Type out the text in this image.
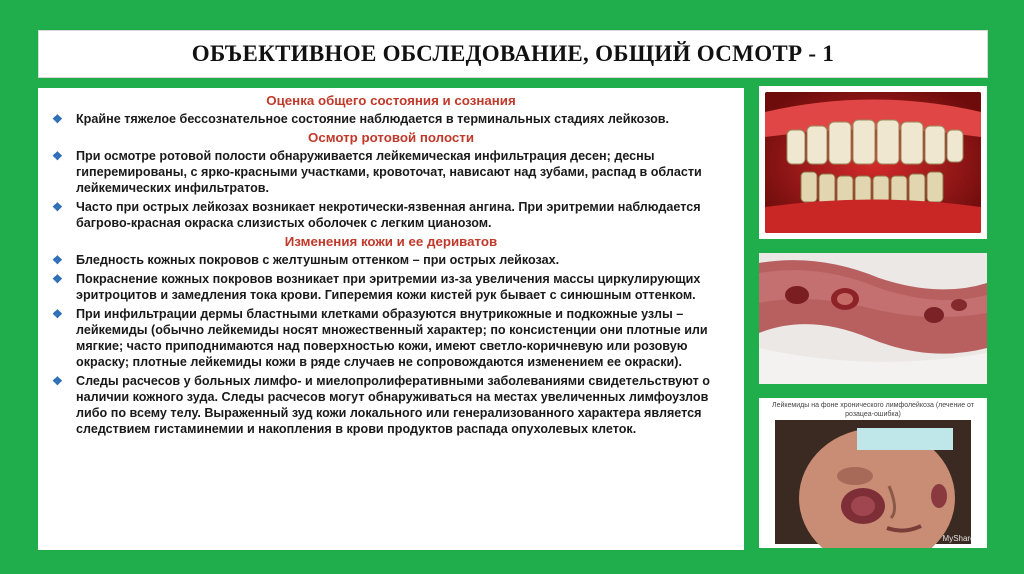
ОБЪЕКТИВНОЕ ОБСЛЕДОВАНИЕ, ОБЩИЙ ОСМОТР - 1
Оценка общего состояния и сознания
❖ Крайне тяжелое бессознательное состояние наблюдается в терминальных стадиях лейкозов.
Осмотр ротовой полости
❖ При осмотре ротовой полости обнаруживается лейкемическая инфильтрация десен; десны гиперемированы, с ярко-красными участками, кровоточат, нависают над зубами, распад в области лейкемических инфильтратов.
❖ Часто при острых лейкозах возникает некротически-язвенная ангина. При эритремии наблюдается багрово-красная окраска слизистых оболочек с легким цианозом.
Изменения кожи и ее дериватов
❖ Бледность кожных покровов с желтушным оттенком – при острых лейкозах.
❖ Покраснение кожных покровов возникает при эритремии из-за увеличения массы циркулирующих эритроцитов и замедления тока крови. Гиперемия кожи кистей рук бывает с синюшным оттенком.
❖ При инфильтрации дермы бластными клетками образуются внутрикожные и подкожные узлы – лейкемиды (обычно лейкемиды носят множественный характер; по консистенции они плотные или мягкие; часто приподнимаются над поверхностью кожи, имеют светло-коричневую или розовую окраску; плотные лейкемиды кожи в ряде случаев не сопровождаются изменением ее окраски).
❖ Следы расчесов у больных лимфо- и миелопролиферативными заболеваниями свидетельствуют о наличии кожного зуда. Следы расчесов могут обнаруживаться на местах увеличенных лимфоузлов либо по всему телу. Выраженный зуд кожи локального или генерализованного характера является следствием гистаминемии и накопления в крови продуктов распада опухолевых клеток.
Лейкемиды на фоне хронического лимфолейкоза (лечение от розацеа-ошибка)
MyShared
